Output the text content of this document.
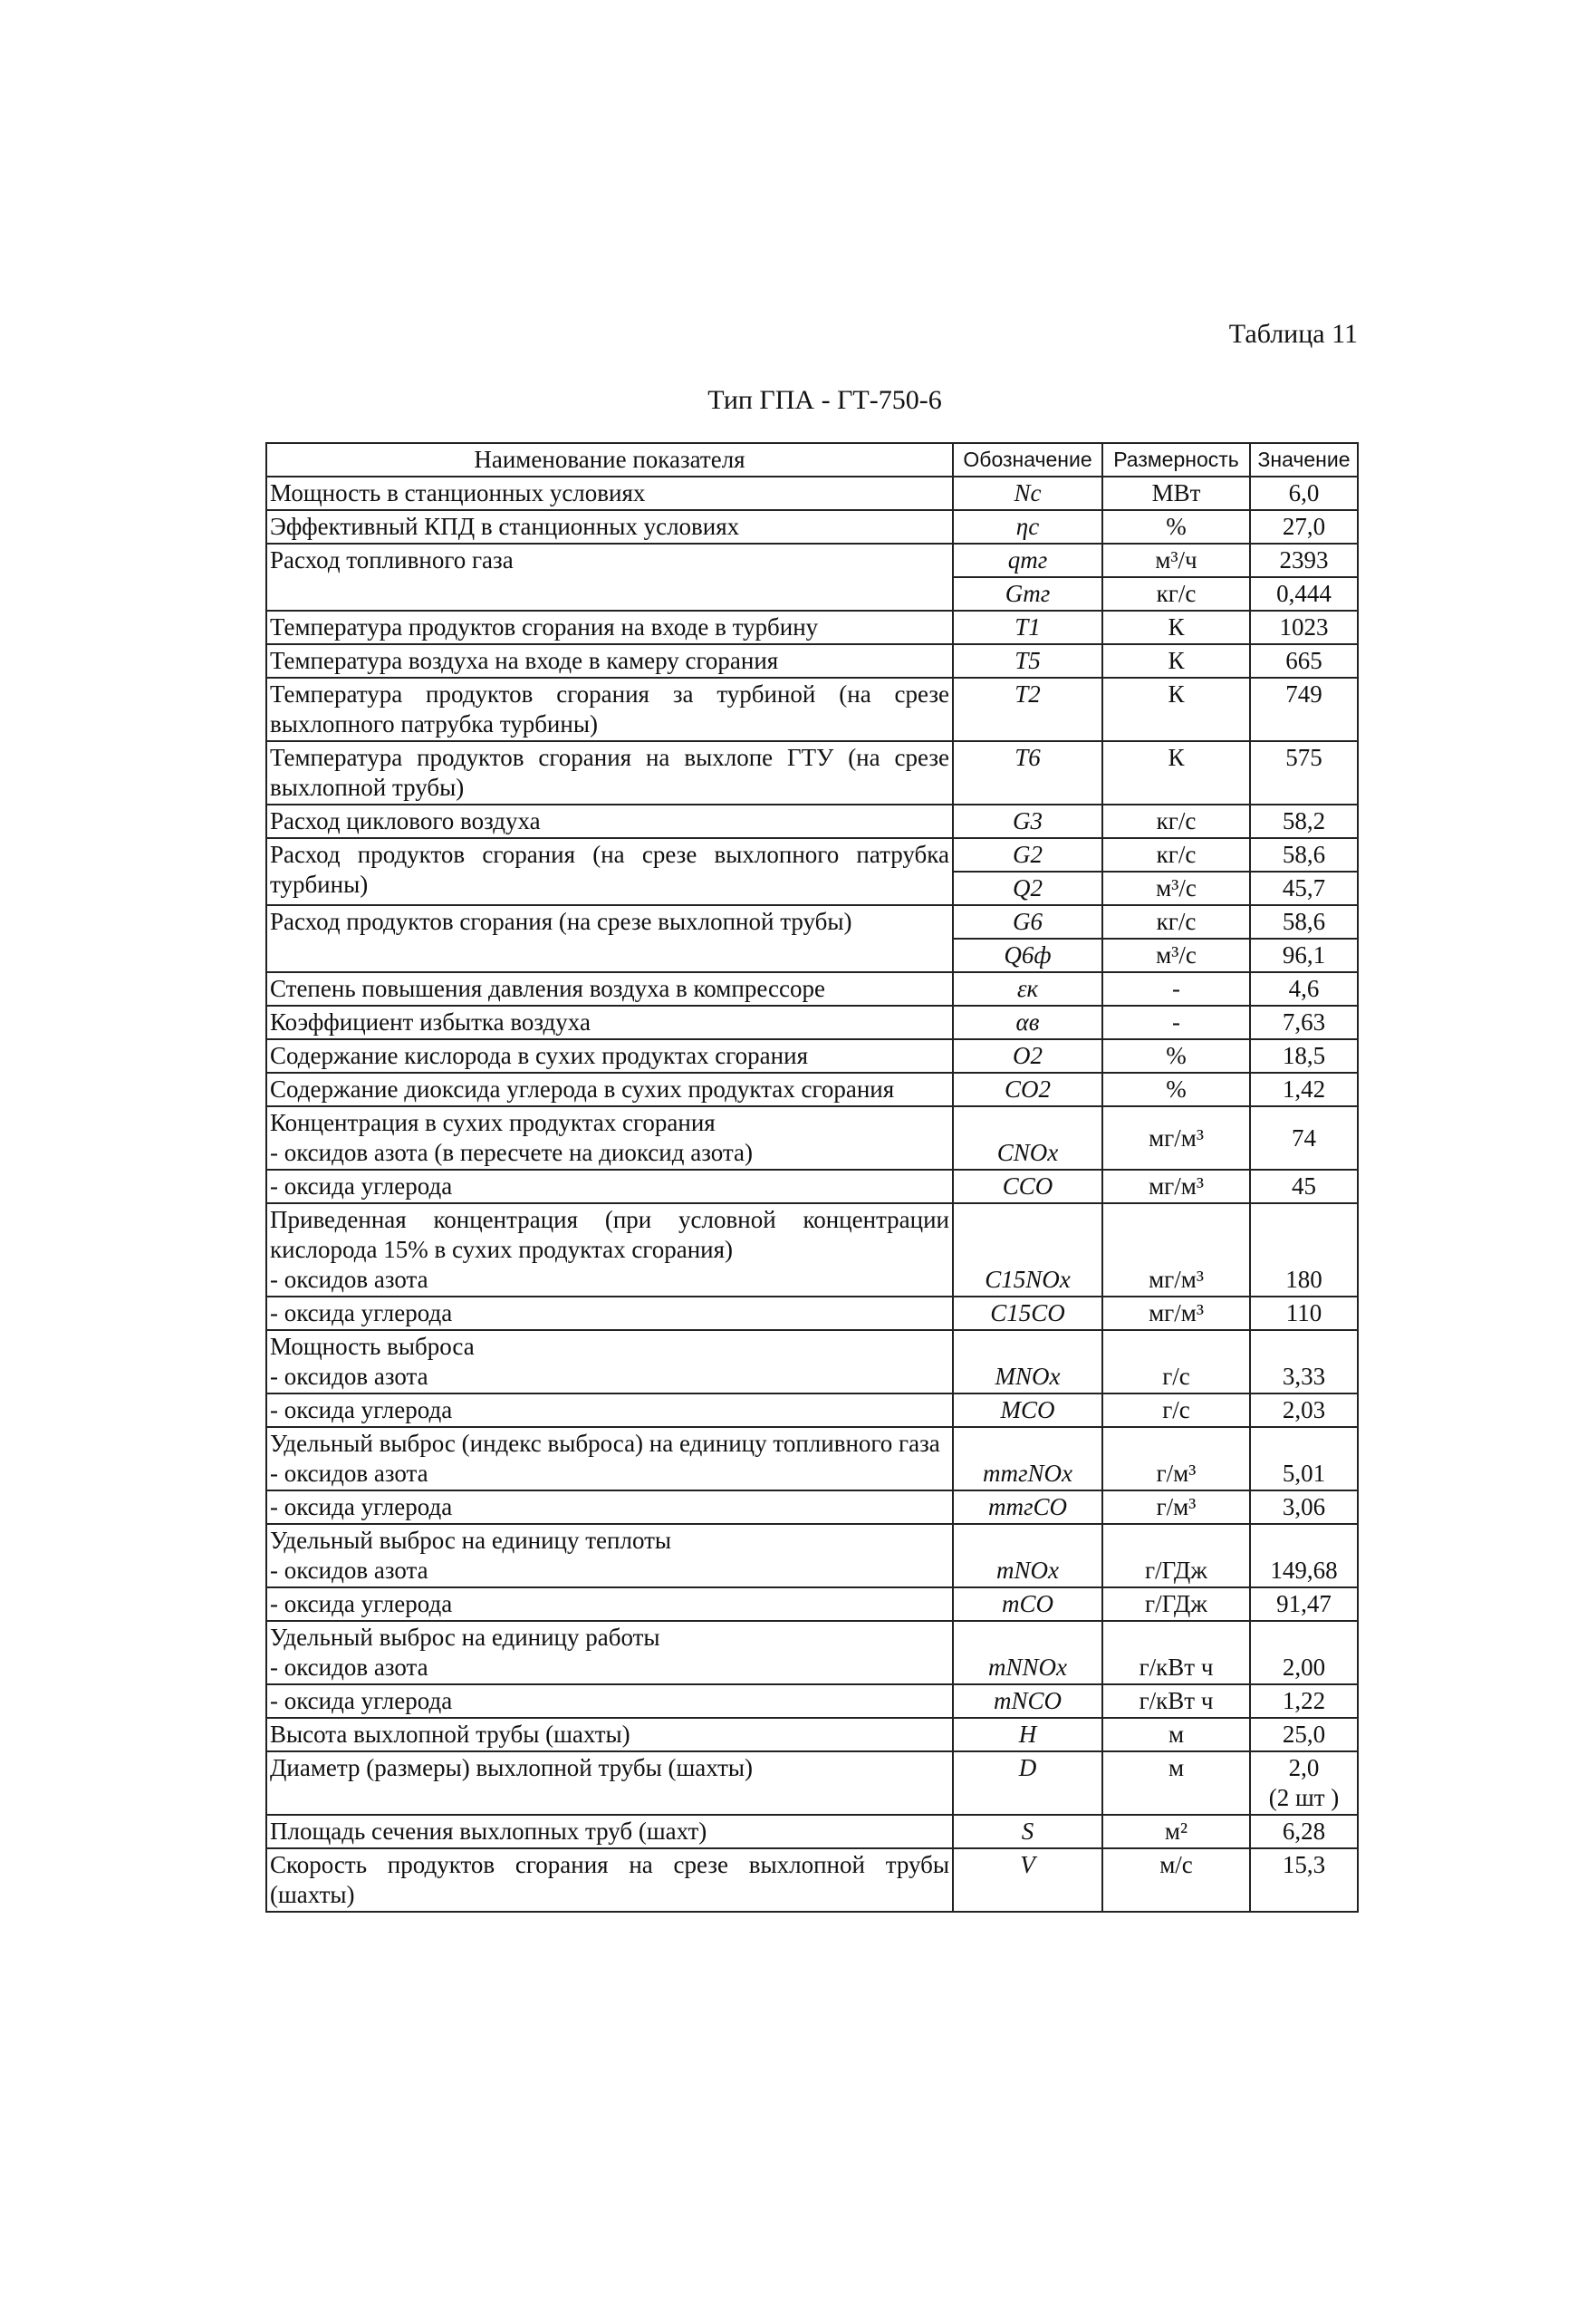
Таблица 11
Тип ГПА - ГТ-750-6
Наименование показателя	Обозначение	Размерность	Значение
Мощность в станционных условиях	Nс	МВт	6,0
Эффективный КПД в станционных условиях	ηс	%	27,0
Расход топливного газа	qтг	м³/ч	2393
	Gтг	кг/с	0,444
Температура продуктов сгорания на входе в турбину	T1	К	1023
Температура воздуха на входе в камеру сгорания	T5	К	665
Температура продуктов сгорания за турбиной (на срезе выхлопного патрубка турбины)	T2	К	749
Температура продуктов сгорания на выхлопе ГТУ (на срезе выхлопной трубы)	T6	К	575
Расход циклового воздуха	G3	кг/с	58,2
Расход продуктов сгорания (на срезе выхлопного патрубка турбины)	G2	кг/с	58,6
	Q2	м³/с	45,7
Расход продуктов сгорания (на срезе выхлопной трубы)	G6	кг/с	58,6
	Q6ф	м³/с	96,1
Степень повышения давления воздуха в компрессоре	εк	-	4,6
Коэффициент избытка воздуха	αв	-	7,63
Содержание кислорода в сухих продуктах сгорания	O2	%	18,5
Содержание диоксида углерода в сухих продуктах сгорания	CO2	%	1,42

Концентрация в сухих продуктах сгорания
- оксидов азота (в пересчете на диоксид азота)	CNOx	мг/м³	74
- оксида углерода	CCO	мг/м³	45

Приведенная концентрация (при условной концентрации кислорода 15% в сухих продуктах сгорания)
- оксидов азота	C15NOx	мг/м³	180
- оксида углерода	C15CO	мг/м³	110

Мощность выброса
- оксидов азота	MNOx	г/с	3,33
- оксида углерода	MCO	г/с	2,03

Удельный выброс (индекс выброса) на единицу топливного газа
- оксидов азота	mтгNOx	г/м³	5,01
- оксида углерода	mтгCO	г/м³	3,06

Удельный выброс на единицу теплоты
- оксидов азота	mNOx	г/ГДж	149,68
- оксида углерода	mCO	г/ГДж	91,47

Удельный выброс на единицу работы
- оксидов азота	mNNOx	г/кВт ч	2,00
- оксида углерода	mNCO	г/кВт ч	1,22
Высота выхлопной трубы (шахты)	H	м	25,0
Диаметр (размеры) выхлопной трубы (шахты)	D	м	2,0
(2 шт )

Площадь сечения выхлопных труб (шахт)	S	м²	6,28
Скорость продуктов сгорания на срезе выхлопной трубы (шахты)	V	м/с	15,3
